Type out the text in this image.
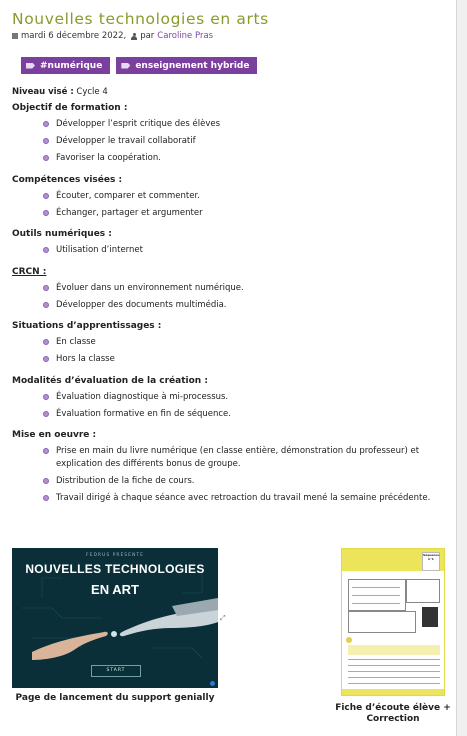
Nouvelles technologies en arts
mardi 6 décembre 2022, par Caroline Pras
#numérique	enseignement hybride
Niveau visé : Cycle 4
Objectif de formation :
Développer l’esprit critique des élèves
Développer le travail collaboratif
Favoriser la coopération.
Compétences visées :
Écouter, comparer et commenter.
Échanger, partager et argumenter
Outils numériques :
Utilisation d’internet
CRCN :
Évoluer dans un environnement numérique.
Développer des documents multimédia.
Situations d’apprentissages :
En classe
Hors la classe
Modalités d’évaluation de la création :
Évaluation diagnostique à mi-processus.
Évaluation formative en fin de séquence.
Mise en oeuvre :
Prise en main du livre numérique (en classe entière, démonstration du professeur) et explication des différents bonus de groupe.
Distribution de la fiche de cours.
Travail dirigé à chaque séance avec retroaction du travail mené la semaine précédente.
FEDRUS PRÉSENTE
NOUVELLES TECHNOLOGIES
EN ART
START
⤢
Page de lancement du support genially
Séquence n°1
Fiche d’écoute élève + Correction
